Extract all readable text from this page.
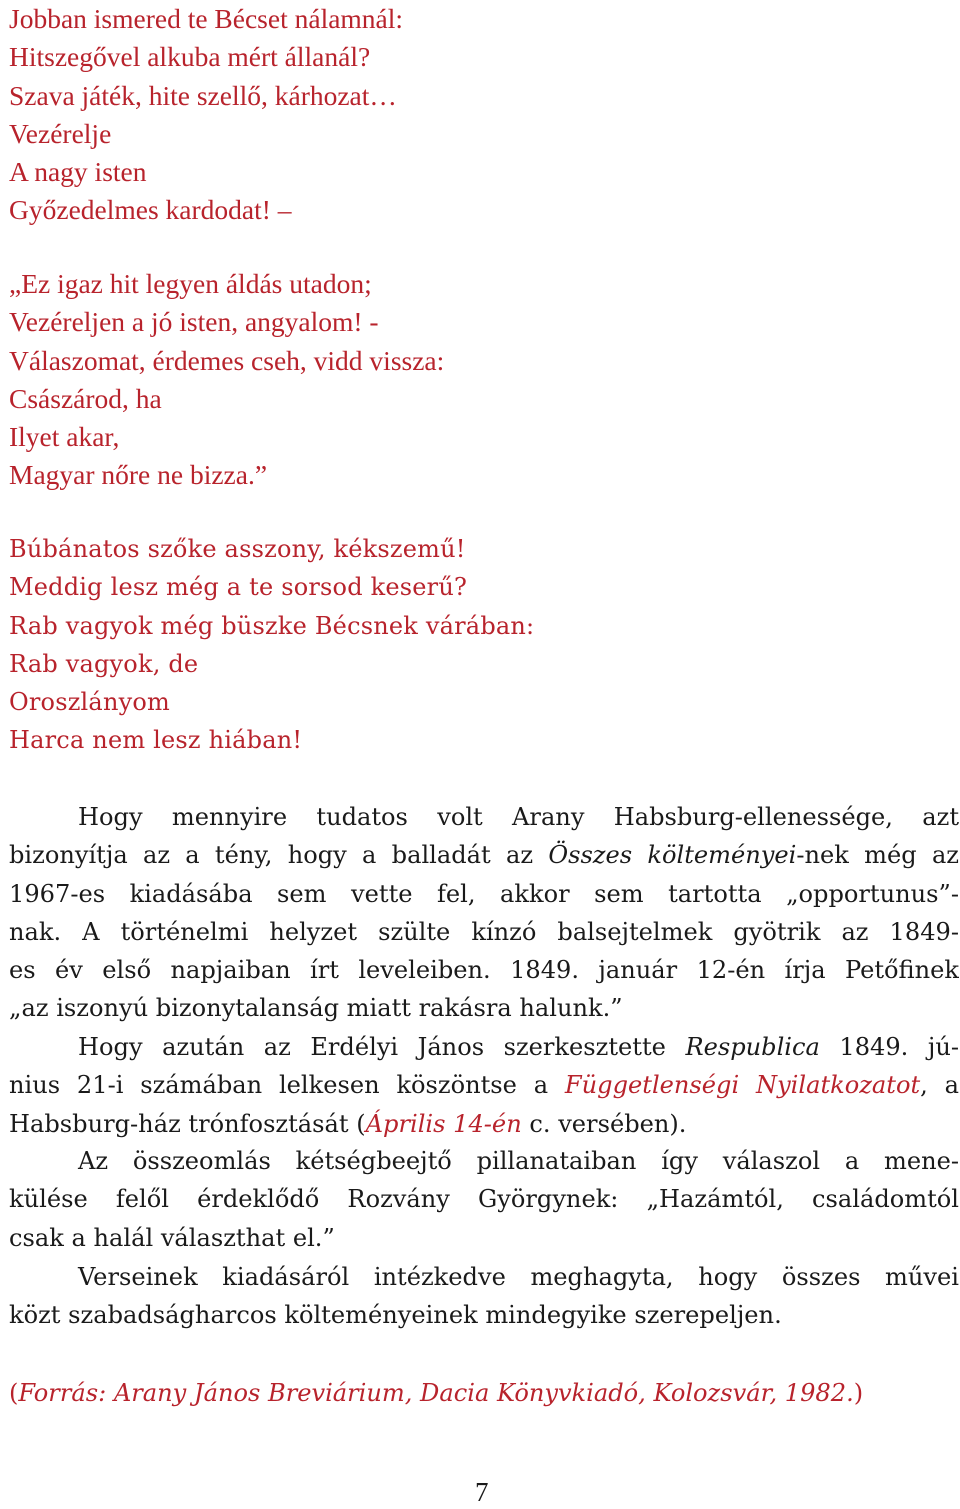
Jobban ismered te Bécset nálamnál:
Hitszegővel alkuba mért állanál?
Szava játék, hite szellő, kárhozat…
Vezérelje
A nagy isten
Győzedelmes kardodat! –
„Ez igaz hit legyen áldás utadon;
Vezéreljen a jó isten, angyalom! -
Válaszomat, érdemes cseh, vidd vissza:
Császárod, ha
Ilyet akar,
Magyar nőre ne bizza.”
Búbánatos szőke asszony, kékszemű!
Meddig lesz még a te sorsod keserű?
Rab vagyok még büszke Bécsnek várában:
Rab vagyok, de
Oroszlányom
Harca nem lesz hiában!
Hogy mennyire tudatos volt Arany Habsburg-ellenessége, azt
bizonyítja az a tény, hogy a balladát az Összes költeményei-nek még az
1967-es kiadásába sem vette fel, akkor sem tartotta „opportunus”-
nak. A történelmi helyzet szülte kínzó balsejtelmek gyötrik az 1849-
es év első napjaiban írt leveleiben. 1849. január 12-én írja Petőfinek
„az iszonyú bizonytalanság miatt rakásra halunk.”
Hogy azután az Erdélyi János szerkesztette Respublica 1849. jú-
nius 21-i számában lelkesen köszöntse a Függetlenségi Nyilatkozatot, a
Habsburg-ház trónfosztását (Április 14-én c. versében).
Az összeomlás kétségbeejtő pillanataiban így válaszol a mene-
külése felől érdeklődő Rozvány Györgynek: „Hazámtól, családomtól
csak a halál választhat el.”
Verseinek kiadásáról intézkedve meghagyta, hogy összes művei
közt szabadságharcos költeményeinek mindegyike szerepeljen.
(Forrás: Arany János Breviárium, Dacia Könyvkiadó, Kolozsvár, 1982.)
7
